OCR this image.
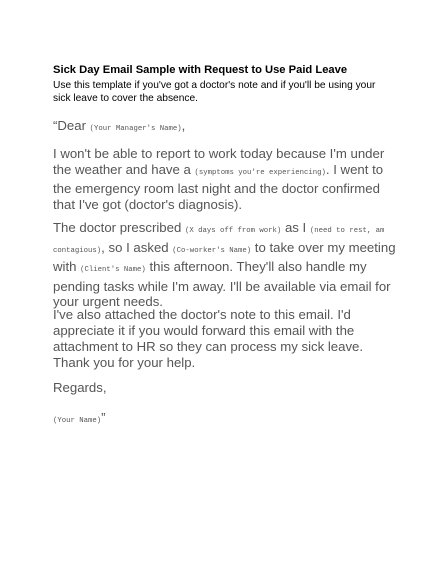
Sick Day Email Sample with Request to Use Paid Leave
Use this template if you've got a doctor's note and if you'll be using your sick leave to cover the absence.
“Dear (Your Manager's Name),
I won't be able to report to work today because I'm under the weather and have a (symptoms you're experiencing). I went to the emergency room last night and the doctor confirmed that I've got (doctor's diagnosis).
The doctor prescribed (X days off from work) as I (need to rest, am contagious), so I asked (Co-worker's Name) to take over my meeting with (Client's Name) this afternoon. They'll also handle my pending tasks while I'm away. I'll be available via email for your urgent needs.
I've also attached the doctor's note to this email. I'd appreciate it if you would forward this email with the attachment to HR so they can process my sick leave. Thank you for your help.
Regards,
(Your Name)”
